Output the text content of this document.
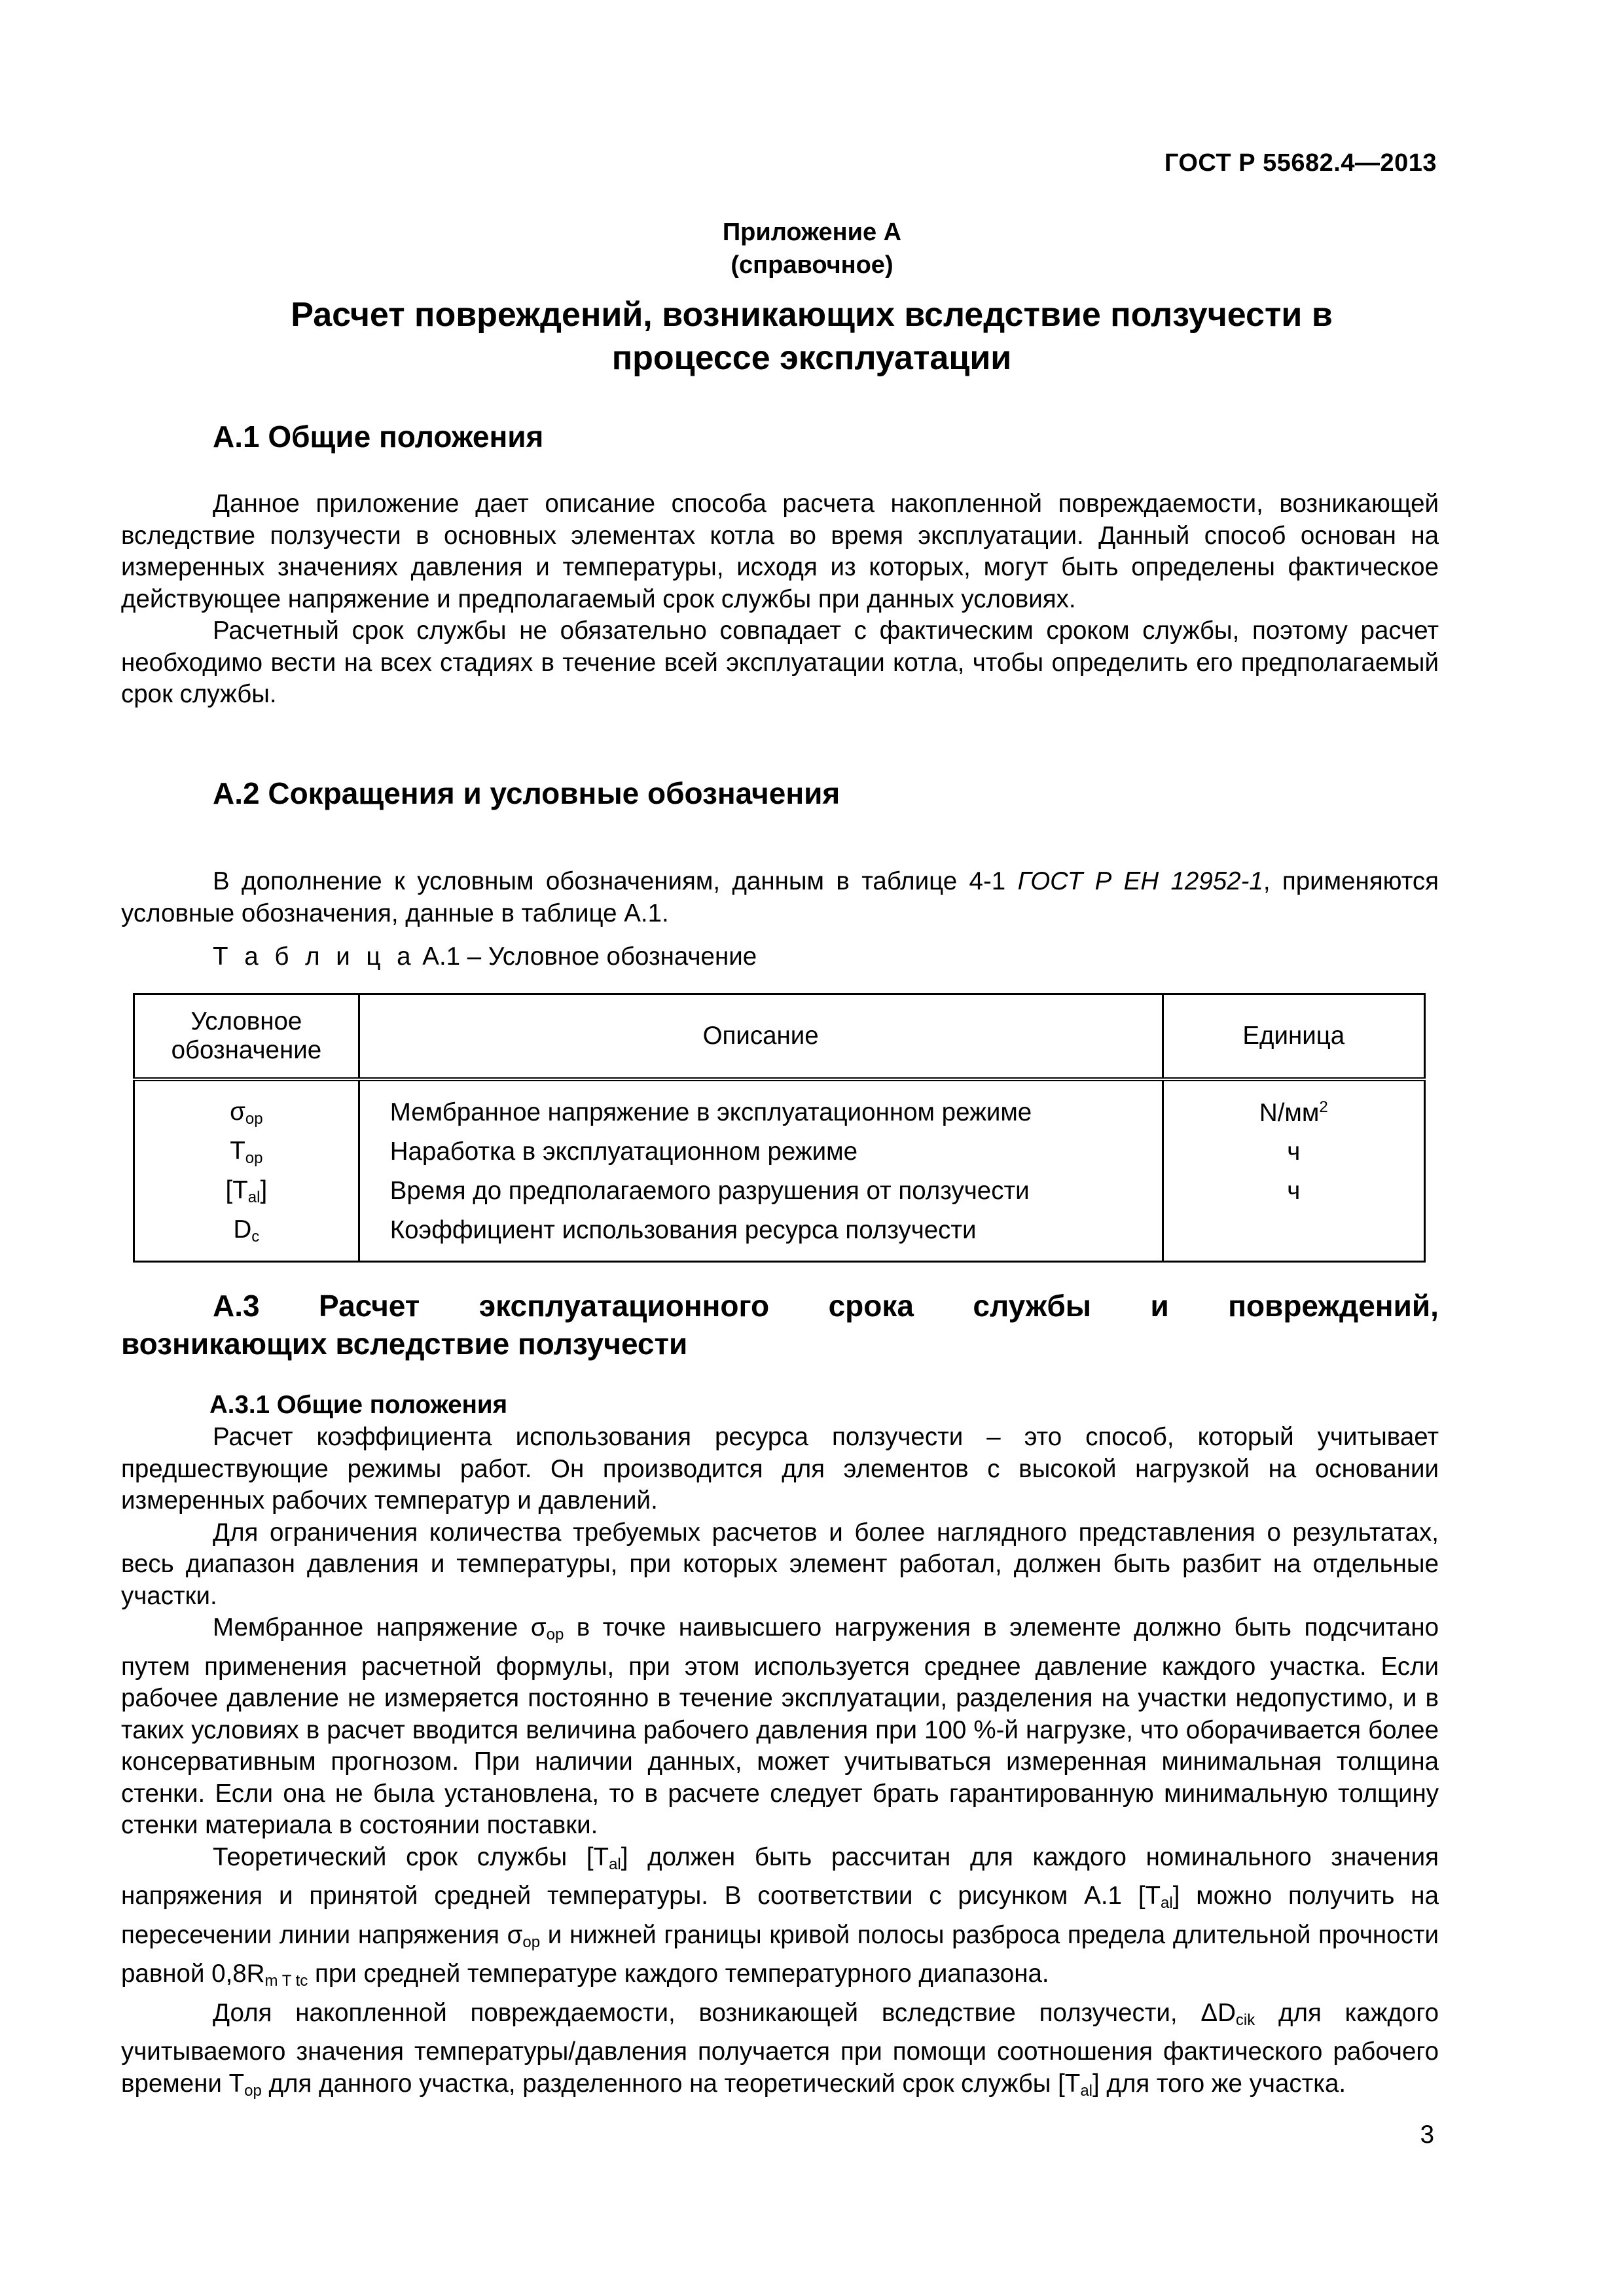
ГОСТ Р 55682.4—2013
Приложение А
(справочное)
Расчет повреждений, возникающих вследствие ползучести в
процессе эксплуатации
А.1 Общие положения

Данное приложение дает описание способа расчета накопленной повреждаемости, возникающей вследствие ползучести в основных элементах котла во время эксплуатации. Данный способ основан на измеренных значениях давления и температуры, исходя из которых, могут быть определены фактическое действующее напряжение и предполагаемый срок службы при данных условиях.

Расчетный срок службы не обязательно совпадает с фактическим сроком службы, поэтому расчет необходимо вести на всех стадиях в течение всей эксплуатации котла, чтобы определить его предполагаемый срок службы.

А.2 Сокращения и условные обозначения

В дополнение к условным обозначениям, данным в таблице 4-1 ГОСТ Р ЕН 12952-1, применяются условные обозначения, данные в таблице А.1.

Т а б л и ц а А.1 – Условное обозначение
Условное
обозначение	Описание	Единица
$\sigma_{op}$	Мембранное напряжение в эксплуатационном режиме	$N/мм^2$
$T_{op}$	Наработка в эксплуатационном режиме	ч
$[T_{al}]$	Время до предполагаемого разрушения от ползучести	ч
$D_c$	Коэффициент использования ресурса ползучести	
А.3 Расчет эксплуатационного срока службы и повреждений,
возникающих вследствие ползучести
А.3.1 Общие положения

Расчет коэффициента использования ресурса ползучести – это способ, который учитывает предшествующие режимы работ. Он производится для элементов с высокой нагрузкой на основании измеренных рабочих температур и давлений.

Для ограничения количества требуемых расчетов и более наглядного представления о результатах, весь диапазон давления и температуры, при которых элемент работал, должен быть разбит на отдельные участки.

Мембранное напряжение $\sigma_{op}$ в точке наивысшего нагружения в элементе должно быть подсчитано путем применения расчетной формулы, при этом используется среднее давление каждого участка. Если рабочее давление не измеряется постоянно в течение эксплуатации, разделения на участки недопустимо, и в таких условиях в расчет вводится величина рабочего давления при 100 %-й нагрузке, что оборачивается более консервативным прогнозом. При наличии данных, может учитываться измеренная минимальная толщина стенки. Если она не была установлена, то в расчете следует брать гарантированную минимальную толщину стенки материала в состоянии поставки.

Теоретический срок службы $[T_{al}]$ должен быть рассчитан для каждого номинального значения напряжения и принятой средней температуры. В соответствии с рисунком А.1 $[T_{al}]$ можно получить на пересечении линии напряжения $\sigma_{op}$ и нижней границы кривой полосы разброса предела длительной прочности равной $0,8R_{m T tc}$ при средней температуре каждого температурного диапазона.

Доля накопленной повреждаемости, возникающей вследствие ползучести, $\Delta D_{cik}$ для каждого учитываемого значения температуры/давления получается при помощи соотношения фактического рабочего времени $T_{op}$ для данного участка, разделенного на теоретический срок службы $[T_{al}]$ для того же участка.

3
